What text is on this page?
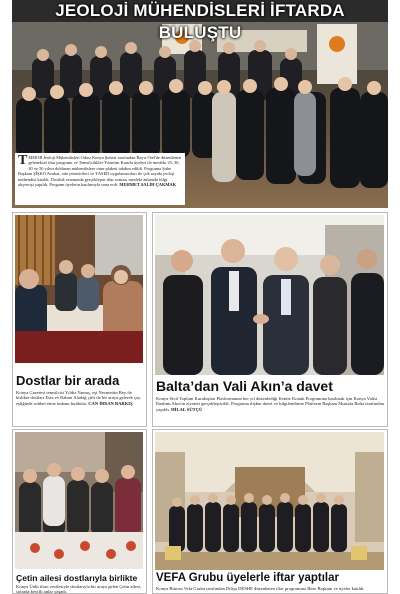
JEOLOJİ MÜHENDİSLERİ İFTARDA BULUŞTU
T MMOB Jeoloji Mühendisleri Odası Konya Şubesi tarafından Bayır Otel'de düzenlenen geleneksel iftar programı ve Temsilcilikler Yönetim Kurulu üyeleri ile mesleki 25, 30, 40 ve 50 yılını dolduran mühendislere onur plaketi takdim edildi. Programa Şube Başkanı ŞİŞKO Avukat, oda yöneticileri ve YASED uygulamacıları ile çok sayıda jeoloji mühendisi katıldı. Dostluk ortamında gerçekleşen iftar sonrası mesleki anlamda bilgi alışverişi yapıldı. Program üyelerin katılımıyla sona erdi. MEHMET SALİH ÇAKMAK
Dostlar bir arada
Konya Gazetesi temsilcisi Yıldız Yamaç, eşi Necmettin Bey ile birlikte dostları Esra ve Rahmi Aladağ çifti ile bir araya gelerek çay eşliğinde sohbet etme imkanı buldular. CAN İHSAN BARKIŞ
Balta’dan Vali Akın’a davet
Konya Sivil Toplum Kuruluşları Platformunun her yıl düzenlediği Kentte Konuk Programına katılmak için Konya Valisi İbrahim Akın'ın ziyareti gerçekleştirildi. Programa ilişkin davet ve bilgilendirme Platform Başkanı Mustafa Balta tarafından yapıldı. HİLAL SÜTÇÜ
Çetin ailesi dostlarıyla birlikte
Konya Ünlü iftarı vesilesiyle dostlarıyla bir araya gelen Çetin ailesi, sofrada keyifli anlar yaşadı.
VEFA Grubu üyelerle iftar yaptılar
Konya Bürosu Vefa Grubu tarafından Dilişa DESHE düzenlenen iftar programına Büro Başkanı ve üyeler katıldı.
